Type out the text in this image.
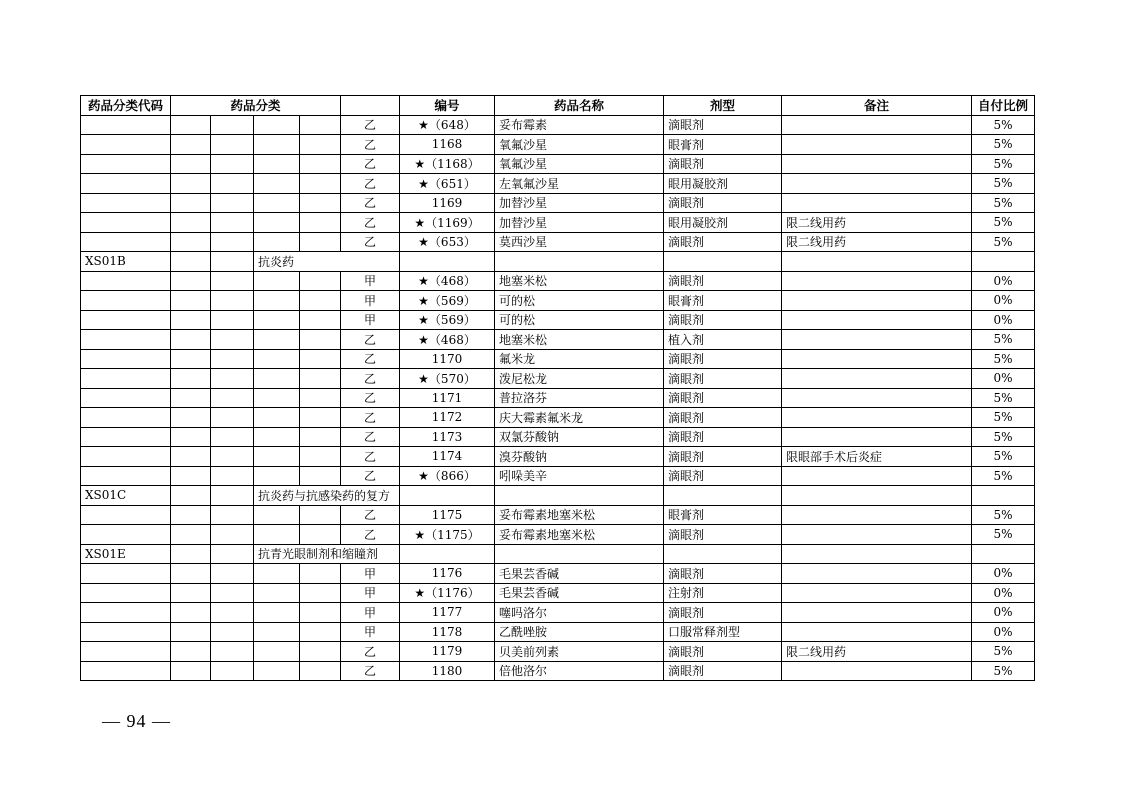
药品分类代码	药品分类					编号	药品名称	剂型	备注	自付比例
					乙	★（648）	妥布霉素	滴眼剂		5%
					乙	1168	氧氟沙星	眼膏剂		5%
					乙	★（1168）	氧氟沙星	滴眼剂		5%
					乙	★（651）	左氧氟沙星	眼用凝胶剂		5%
					乙	1169	加替沙星	滴眼剂		5%
					乙	★（1169）	加替沙星	眼用凝胶剂	限二线用药	5%
					乙	★（653）	莫西沙星	滴眼剂	限二线用药	5%
XS01B			抗炎药							
					甲	★（468）	地塞米松	滴眼剂		0%
					甲	★（569）	可的松	眼膏剂		0%
					甲	★（569）	可的松	滴眼剂		0%
					乙	★（468）	地塞米松	植入剂		5%
					乙	1170	氟米龙	滴眼剂		5%
					乙	★（570）	泼尼松龙	滴眼剂		0%
					乙	1171	普拉洛芬	滴眼剂		5%
					乙	1172	庆大霉素氟米龙	滴眼剂		5%
					乙	1173	双氯芬酸钠	滴眼剂		5%
					乙	1174	溴芬酸钠	滴眼剂	限眼部手术后炎症	5%
					乙	★（866）	吲哚美辛	滴眼剂		5%
XS01C			抗炎药与抗感染药的复方							
					乙	1175	妥布霉素地塞米松	眼膏剂		5%
					乙	★（1175）	妥布霉素地塞米松	滴眼剂		5%
XS01E			抗青光眼制剂和缩瞳剂							
					甲	1176	毛果芸香碱	滴眼剂		0%
					甲	★（1176）	毛果芸香碱	注射剂		0%
					甲	1177	噻吗洛尔	滴眼剂		0%
					甲	1178	乙酰唑胺	口服常释剂型		0%
					乙	1179	贝美前列素	滴眼剂	限二线用药	5%
					乙	1180	倍他洛尔	滴眼剂		5%
— 94 —
